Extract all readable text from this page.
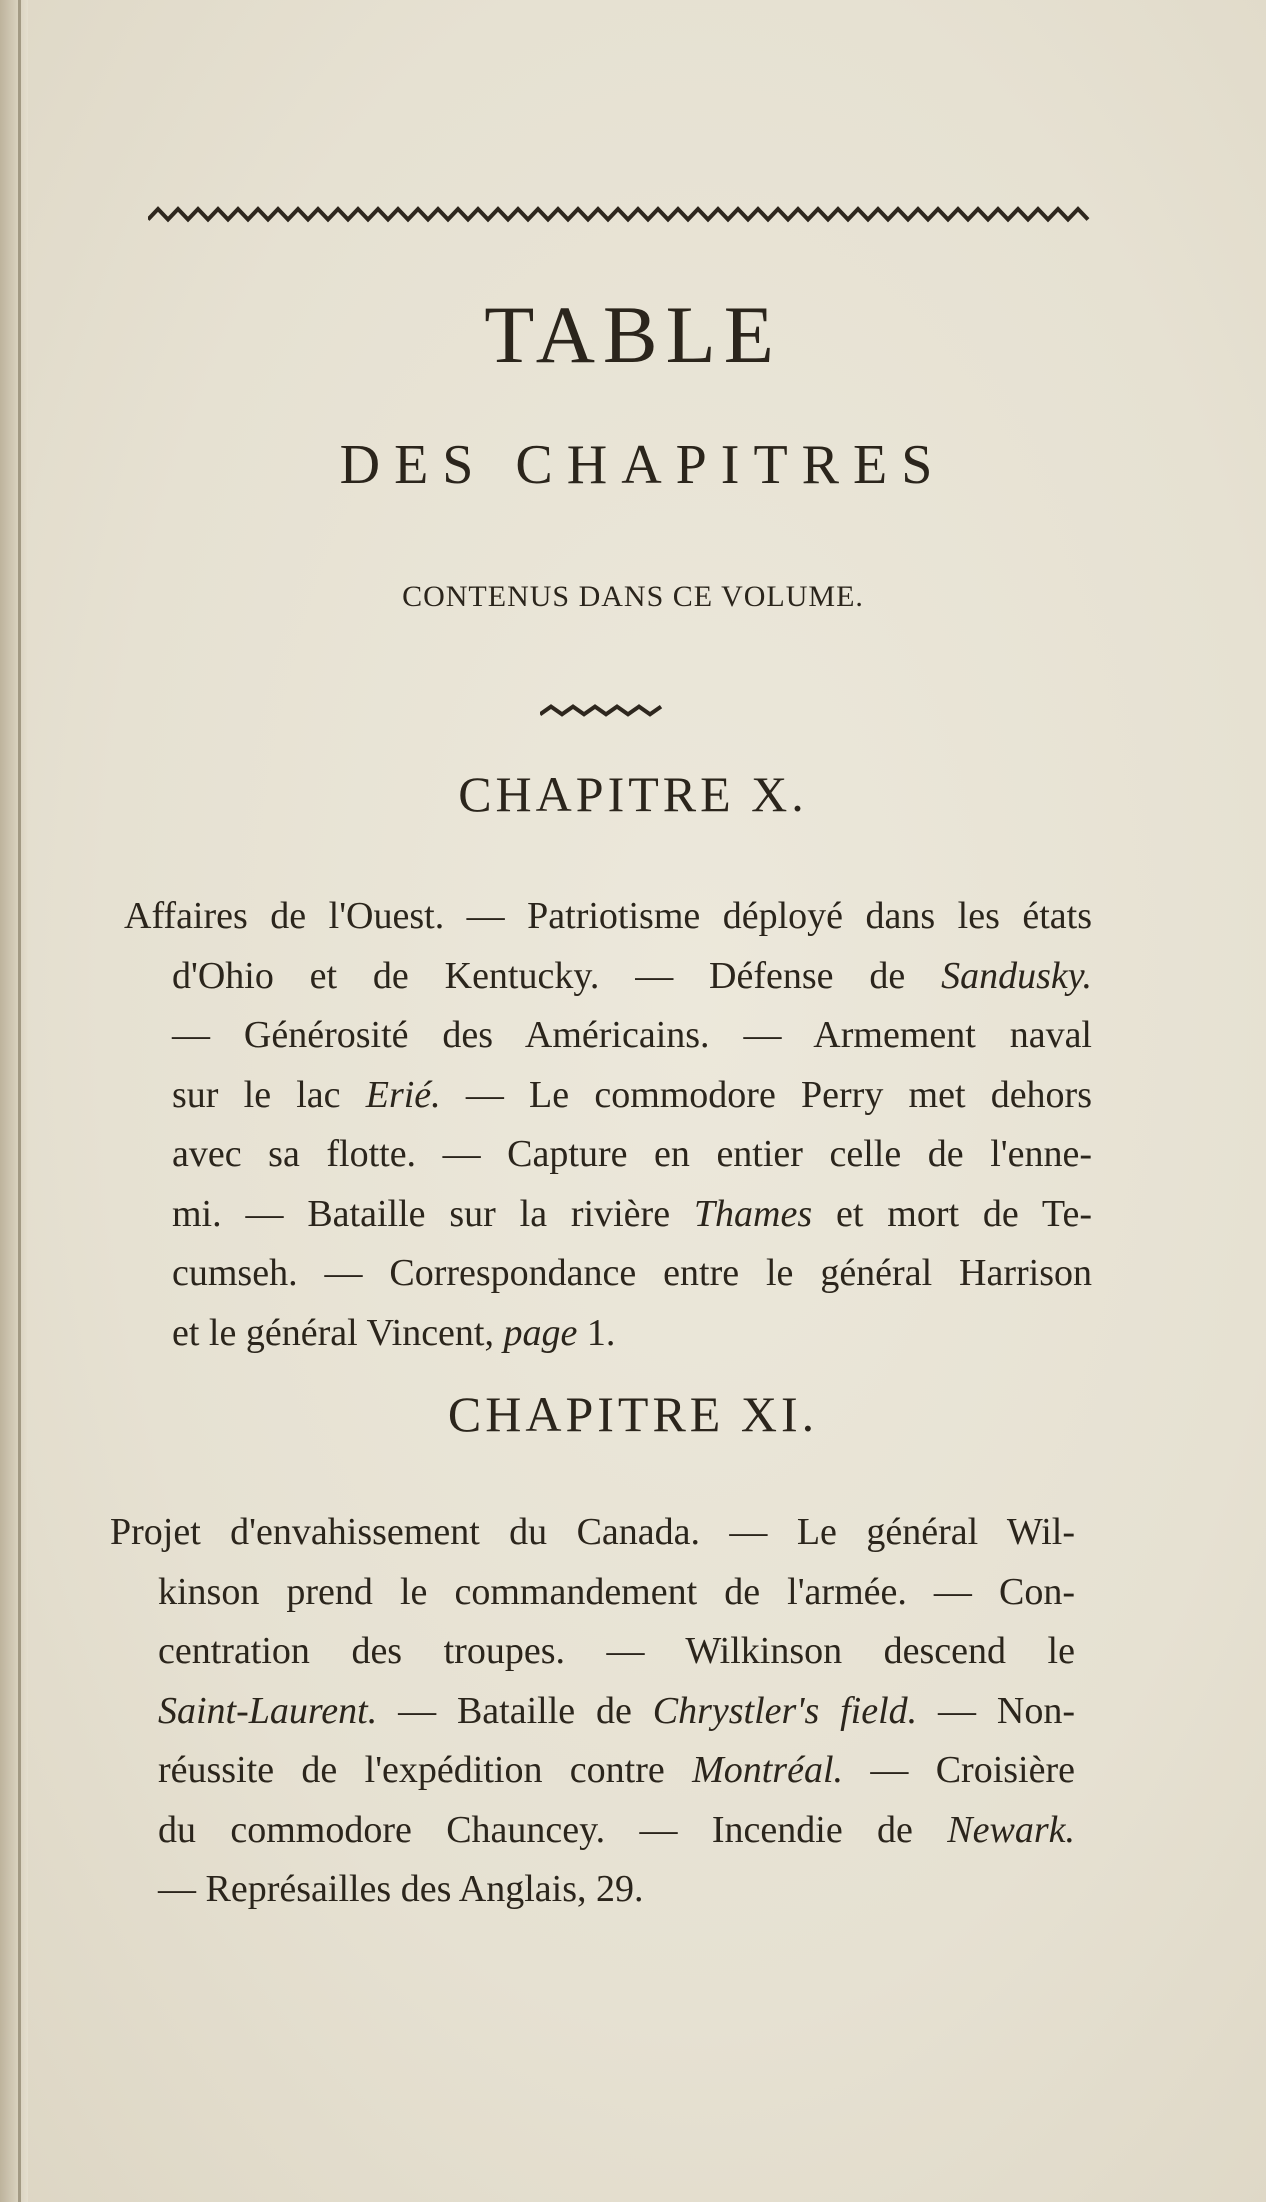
TABLE
DES CHAPITRES
CONTENUS DANS CE VOLUME.
CHAPITRE X.
Affaires de l'Ouest. — Patriotisme déployé dans les états
d'Ohio et de Kentucky. — Défense de Sandusky.
— Générosité des Américains. — Armement naval
sur le lac Erié. — Le commodore Perry met dehors
avec sa flotte. — Capture en entier celle de l'enne-
mi. — Bataille sur la rivière Thames et mort de Te-
cumseh. — Correspondance entre le général Harrison
et le général Vincent, page 1.
CHAPITRE XI.
Projet d'envahissement du Canada. — Le général Wil-
kinson prend le commandement de l'armée. — Con-
centration des troupes. — Wilkinson descend le
Saint-Laurent. — Bataille de Chrystler's field. — Non-
réussite de l'expédition contre Montréal. — Croisière
du commodore Chauncey. — Incendie de Newark.
— Représailles des Anglais, 29.
